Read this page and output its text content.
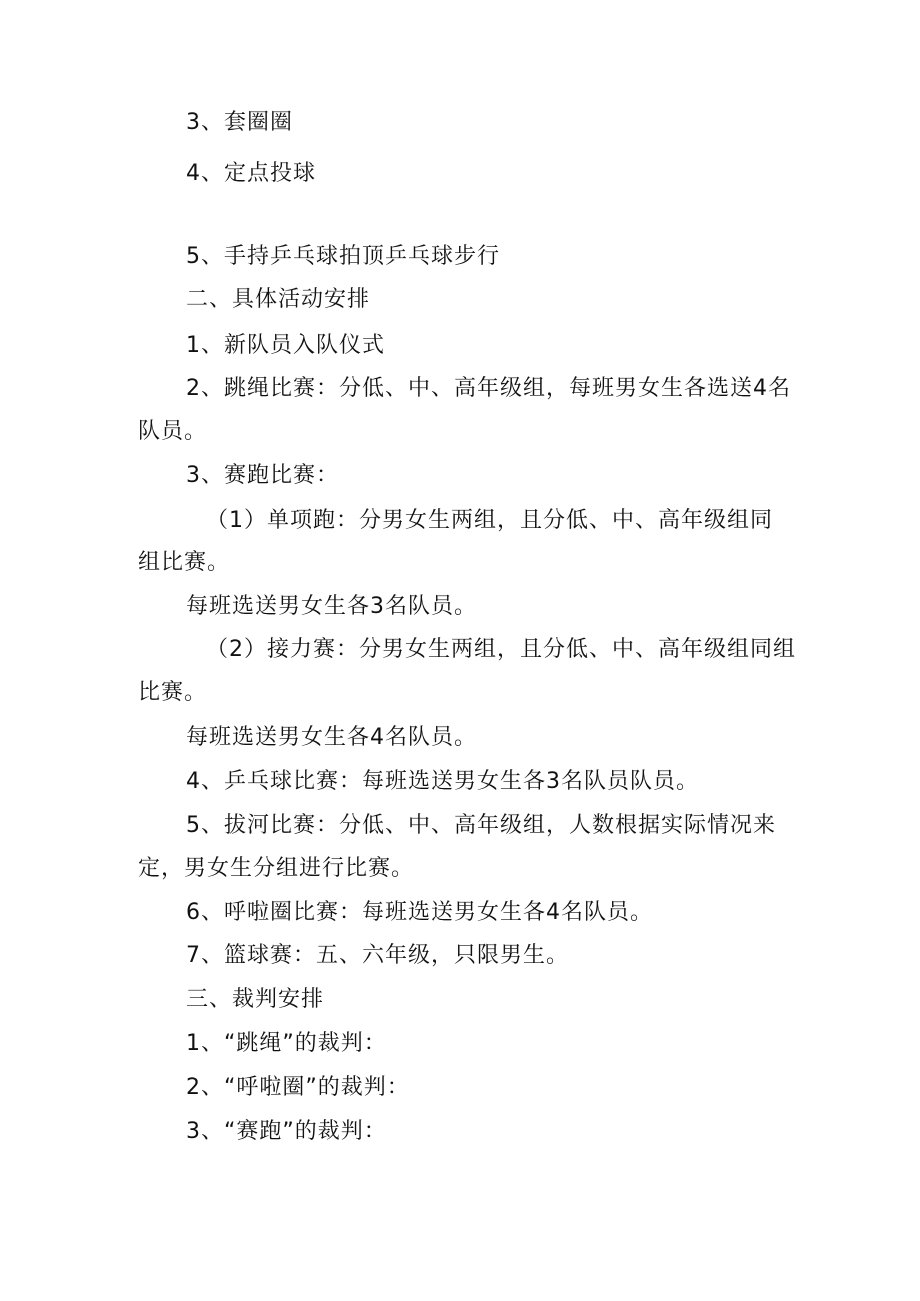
3、套圈圈
4、定点投球
5、手持乒乓球拍顶乒乓球步行
二、具体活动安排
1、新队员入队仪式
2、跳绳比赛：分低、中、高年级组，每班男女生各选送4名
队员。
3、赛跑比赛：
（1）单项跑：分男女生两组，且分低、中、高年级组同
组比赛。
每班选送男女生各3名队员。
（2）接力赛：分男女生两组，且分低、中、高年级组同组
比赛。
每班选送男女生各4名队员。
4、乒乓球比赛：每班选送男女生各3名队员队员。
5、拔河比赛：分低、中、高年级组，人数根据实际情况来
定，男女生分组进行比赛。
6、呼啦圈比赛：每班选送男女生各4名队员。
7、篮球赛：五、六年级，只限男生。
三、裁判安排
1、“跳绳”的裁判：
2、“呼啦圈”的裁判：
3、“赛跑”的裁判：
